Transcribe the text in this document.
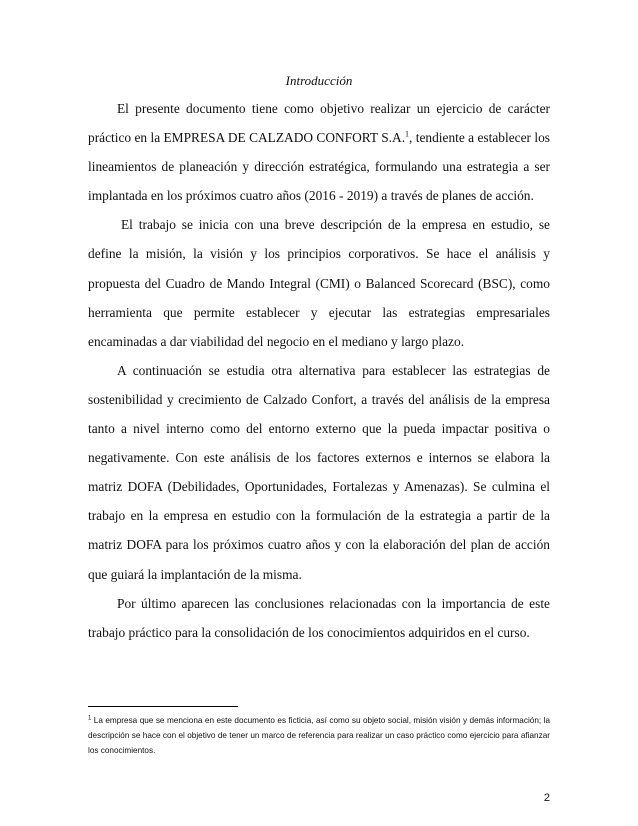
Introducción

El presente documento tiene como objetivo realizar un ejercicio de carácter práctico en la EMPRESA DE CALZADO CONFORT S.A.$^1$, tendiente a establecer los lineamientos de planeación y dirección estratégica, formulando una estrategia a ser implantada en los próximos cuatro años (2016 - 2019) a través de planes de acción.

El trabajo se inicia con una breve descripción de la empresa en estudio, se define la misión, la visión y los principios corporativos. Se hace el análisis y propuesta del Cuadro de Mando Integral (CMI) o Balanced Scorecard (BSC), como herramienta que permite establecer y ejecutar las estrategias empresariales encaminadas a dar viabilidad del negocio en el mediano y largo plazo.

A continuación se estudia otra alternativa para establecer las estrategias de sostenibilidad y crecimiento de Calzado Confort, a través del análisis de la empresa tanto a nivel interno como del entorno externo que la pueda impactar positiva o negativamente. Con este análisis de los factores externos e internos se elabora la matriz DOFA (Debilidades, Oportunidades, Fortalezas y Amenazas). Se culmina el trabajo en la empresa en estudio con la formulación de la estrategia a partir de la matriz DOFA para los próximos cuatro años y con la elaboración del plan de acción que guiará la implantación de la misma.

Por último aparecen las conclusiones relacionadas con la importancia de este trabajo práctico para la consolidación de los conocimientos adquiridos en el curso.

$^1$ La empresa que se menciona en este documento es ficticia, así como su objeto social, misión visión y demás información; la descripción se hace con el objetivo de tener un marco de referencia para realizar un caso práctico como ejercicio para afianzar los conocimientos.

2
